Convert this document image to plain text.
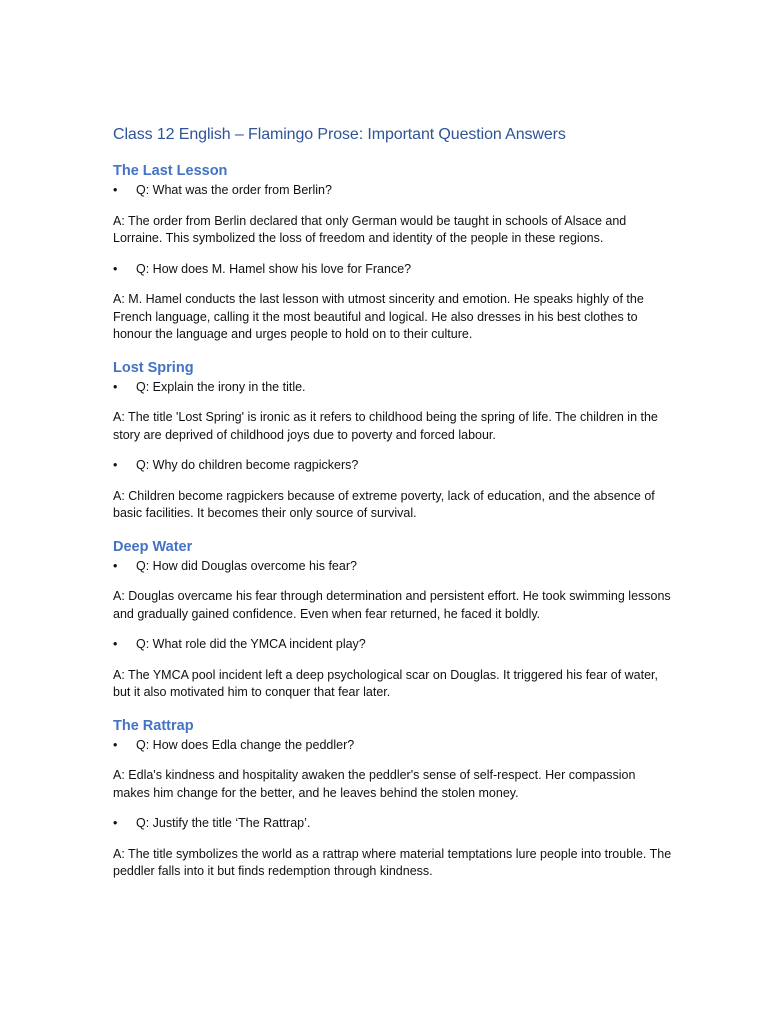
Class 12 English – Flamingo Prose: Important Question Answers
The Last Lesson
• Q: What was the order from Berlin?

A: The order from Berlin declared that only German would be taught in schools of Alsace and Lorraine. This symbolized the loss of freedom and identity of the people in these regions.

• Q: How does M. Hamel show his love for France?

A: M. Hamel conducts the last lesson with utmost sincerity and emotion. He speaks highly of the French language, calling it the most beautiful and logical. He also dresses in his best clothes to honour the language and urges people to hold on to their culture.

Lost Spring
• Q: Explain the irony in the title.

A: The title 'Lost Spring' is ironic as it refers to childhood being the spring of life. The children in the story are deprived of childhood joys due to poverty and forced labour.

• Q: Why do children become ragpickers?

A: Children become ragpickers because of extreme poverty, lack of education, and the absence of basic facilities. It becomes their only source of survival.

Deep Water
• Q: How did Douglas overcome his fear?

A: Douglas overcame his fear through determination and persistent effort. He took swimming lessons and gradually gained confidence. Even when fear returned, he faced it boldly.

• Q: What role did the YMCA incident play?

A: The YMCA pool incident left a deep psychological scar on Douglas. It triggered his fear of water, but it also motivated him to conquer that fear later.

The Rattrap
• Q: How does Edla change the peddler?

A: Edla's kindness and hospitality awaken the peddler's sense of self-respect. Her compassion makes him change for the better, and he leaves behind the stolen money.

• Q: Justify the title ‘The Rattrap’.

A: The title symbolizes the world as a rattrap where material temptations lure people into trouble. The peddler falls into it but finds redemption through kindness.
